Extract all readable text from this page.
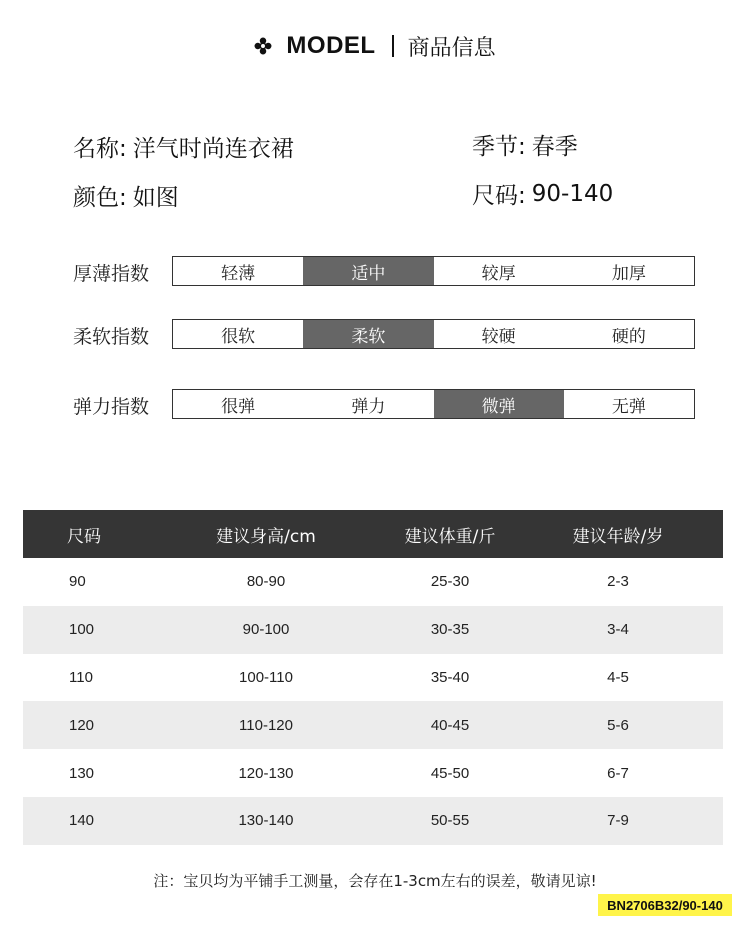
MODEL 商品信息
名称: 洋气时尚连衣裙	季节: 春季
颜色: 如图	尺码: 90-140
厚薄指数	轻薄	适中	较厚	加厚
柔软指数	很软	柔软	较硬	硬的
弹力指数	很弹	弹力	微弹	无弹
尺码	建议身高/cm	建议体重/斤	建议年龄/岁
90	80-90	25-30	2-3
100	90-100	30-35	3-4
110	100-110	35-40	4-5
120	110-120	40-45	5-6
130	120-130	45-50	6-7
140	130-140	50-55	7-9
注：宝贝均为平铺手工测量，会存在1-3cm左右的误差，敬请见谅!
BN2706B32/90-140
